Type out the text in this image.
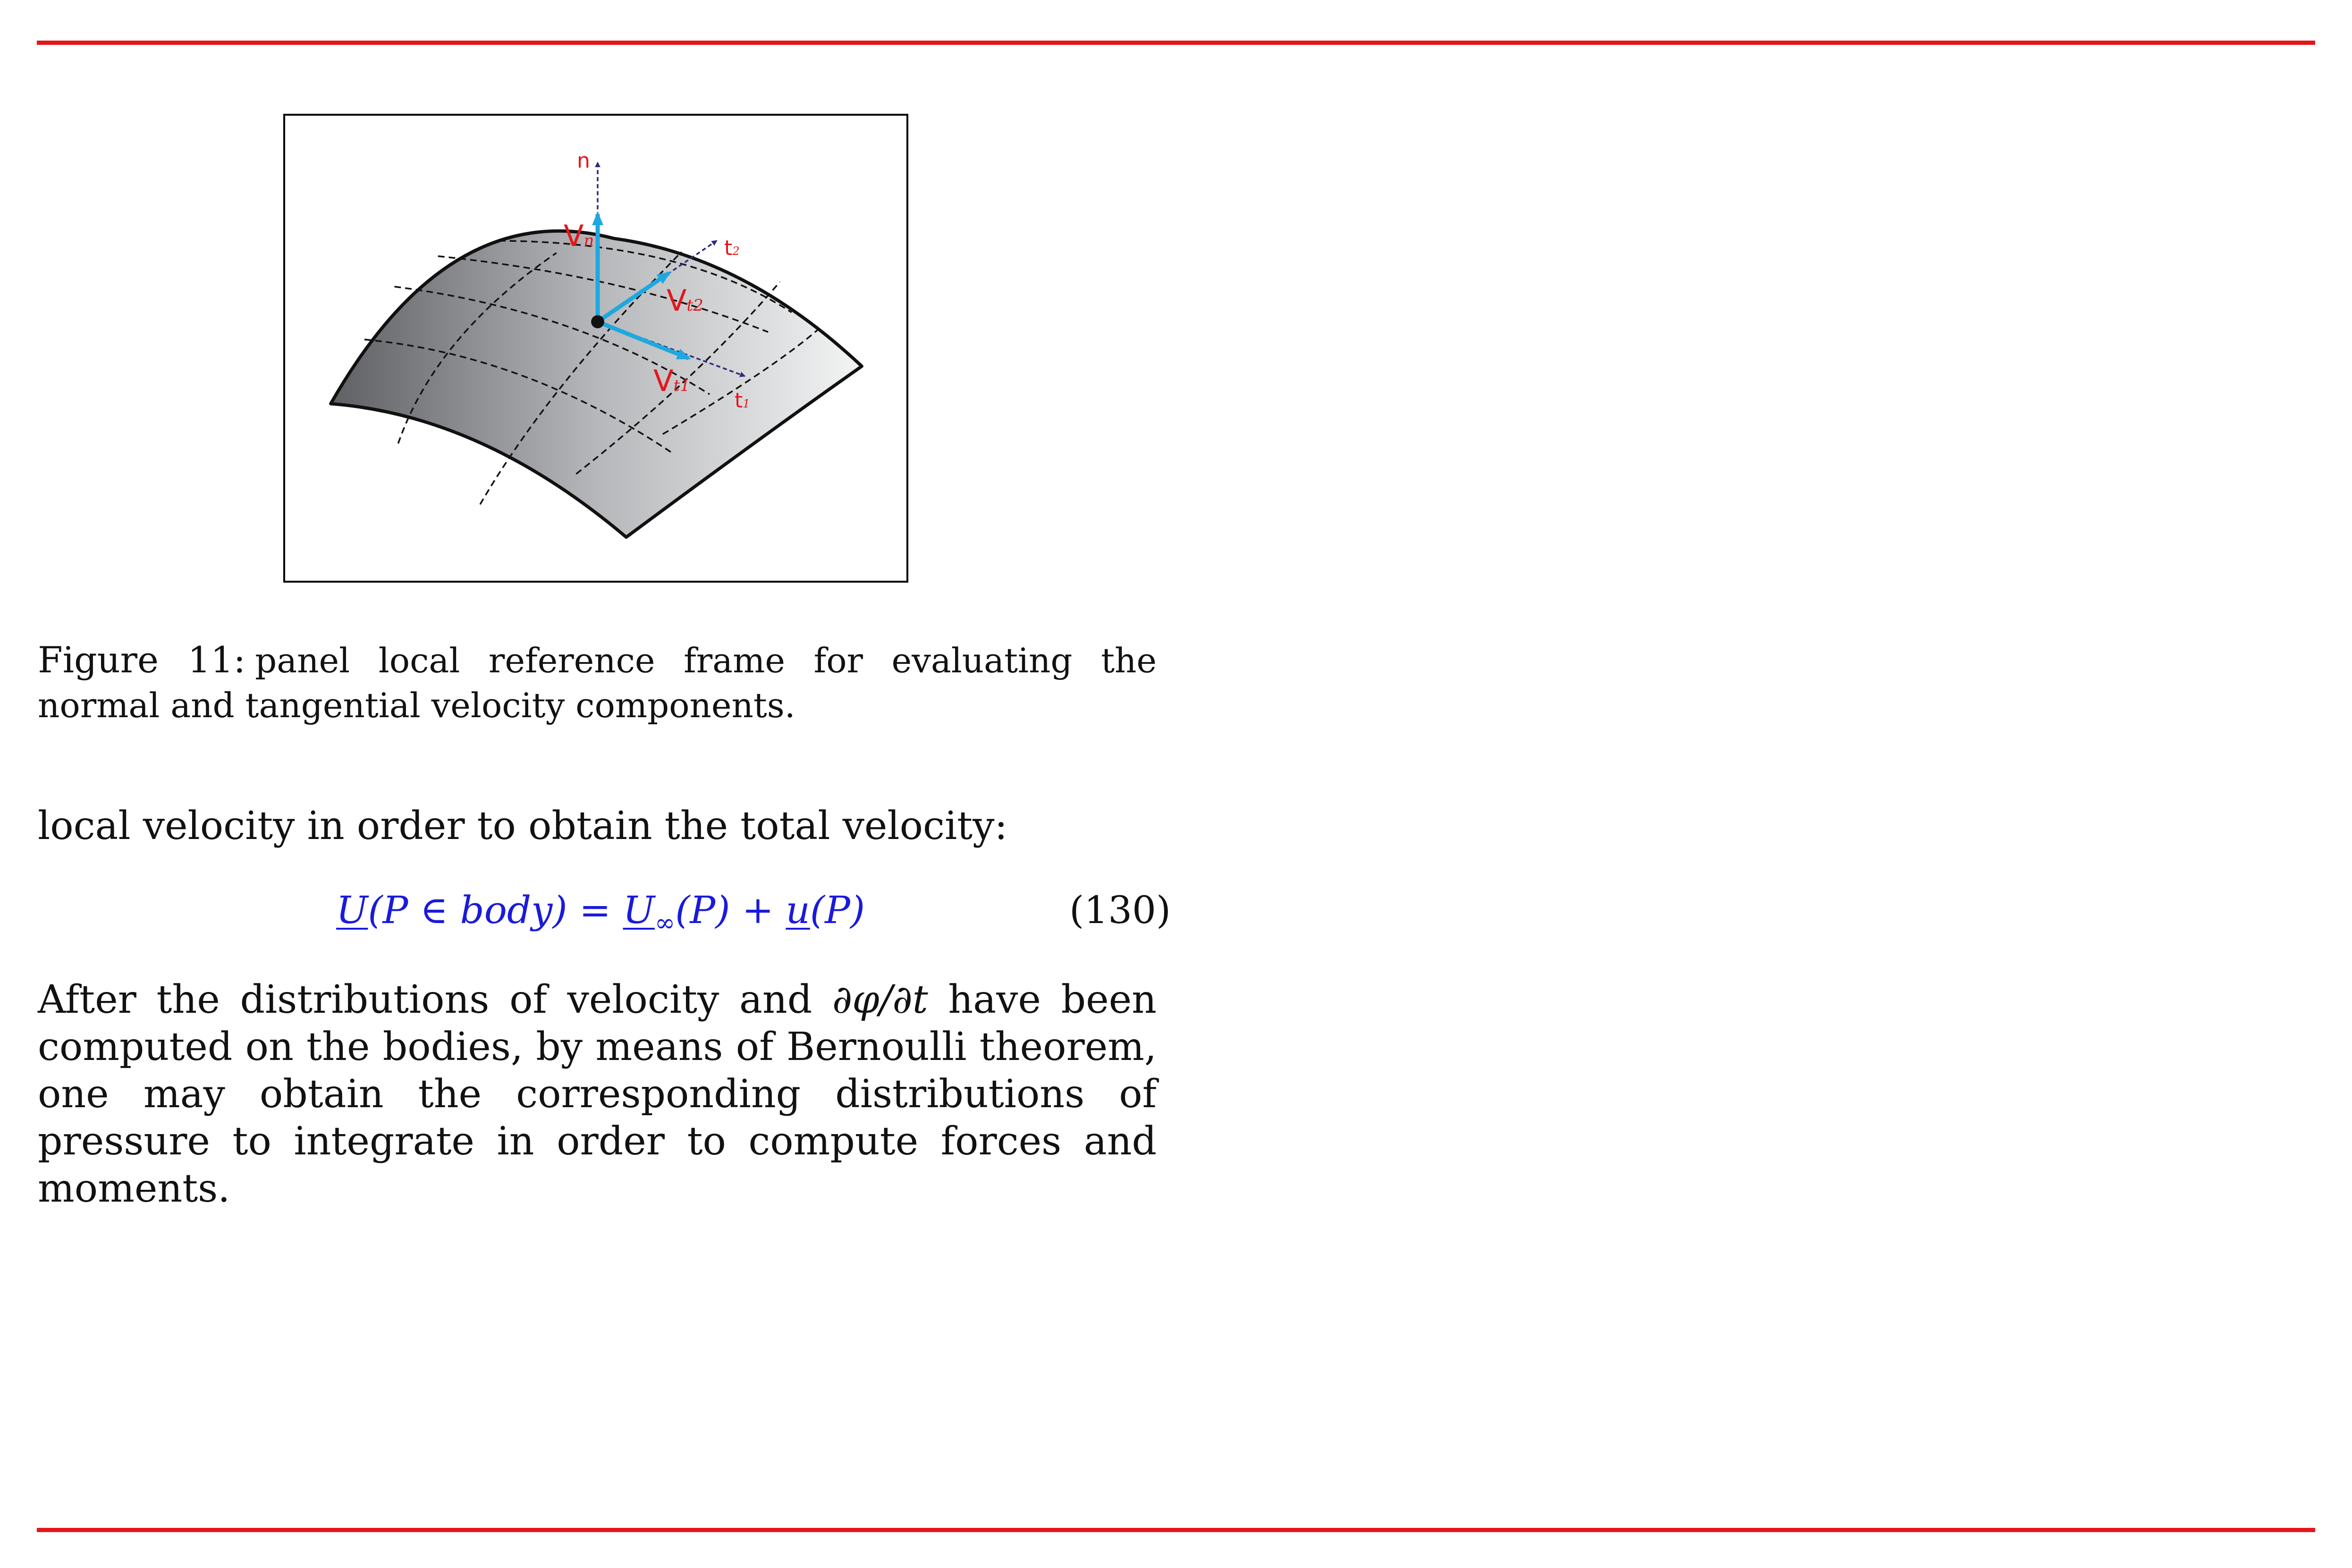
n
t2
t1
Vn
Vt2
Vt1
Figure 11: panel local reference frame for evaluating the normal and tangential velocity components.
local velocity in order to obtain the total velocity:
U(P ∈ body) = $U_\infty(P) + u(P)$	(130)
After the distributions of velocity and ∂φ/∂t have been computed on the bodies, by means of Bernoulli theorem, one may obtain the corresponding distributions of pressure to integrate in order to compute forces and moments.
